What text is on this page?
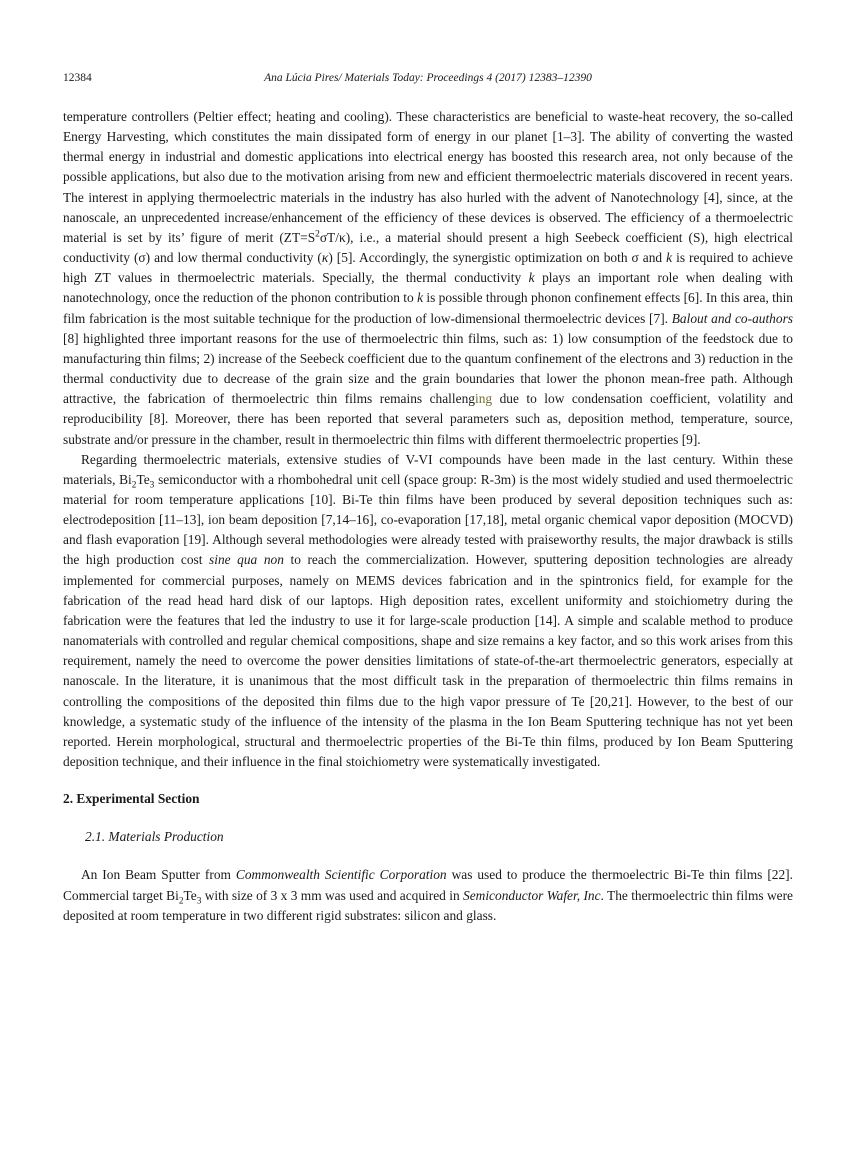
12384	Ana Lúcia Pires/ Materials Today: Proceedings 4 (2017) 12383–12390

temperature controllers (Peltier effect; heating and cooling). These characteristics are beneficial to waste-heat recovery, the so-called Energy Harvesting, which constitutes the main dissipated form of energy in our planet [1–3]. The ability of converting the wasted thermal energy in industrial and domestic applications into electrical energy has boosted this research area, not only because of the possible applications, but also due to the motivation arising from new and efficient thermoelectric materials discovered in recent years. The interest in applying thermoelectric materials in the industry has also hurled with the advent of Nanotechnology [4], since, at the nanoscale, an unprecedented increase/enhancement of the efficiency of these devices is observed. The efficiency of a thermoelectric material is set by its’ figure of merit $(ZT=S^2\sigma T/\kappa)$, i.e., a material should present a high Seebeck coefficient (S), high electrical conductivity (σ) and low thermal conductivity (κ) [5]. Accordingly, the synergistic optimization on both σ and k is required to achieve high ZT values in thermoelectric materials. Specially, the thermal conductivity k plays an important role when dealing with nanotechnology, once the reduction of the phonon contribution to k is possible through phonon confinement effects [6]. In this area, thin film fabrication is the most suitable technique for the production of low-dimensional thermoelectric devices [7]. Balout and co-authors [8] highlighted three important reasons for the use of thermoelectric thin films, such as: 1) low consumption of the feedstock due to manufacturing thin films; 2) increase of the Seebeck coefficient due to the quantum confinement of the electrons and 3) reduction in the thermal conductivity due to decrease of the grain size and the grain boundaries that lower the phonon mean-free path. Although attractive, the fabrication of thermoelectric thin films remains challenging due to low condensation coefficient, volatility and reproducibility [8]. Moreover, there has been reported that several parameters such as, deposition method, temperature, source, substrate and/or pressure in the chamber, result in thermoelectric thin films with different thermoelectric properties [9].

Regarding thermoelectric materials, extensive studies of V-VI compounds have been made in the last century. Within these materials, $Bi_2Te_3$ semiconductor with a rhombohedral unit cell (space group: R-3m) is the most widely studied and used thermoelectric material for room temperature applications [10]. Bi-Te thin films have been produced by several deposition techniques such as: electrodeposition [11–13], ion beam deposition [7,14–16], co-evaporation [17,18], metal organic chemical vapor deposition (MOCVD) and flash evaporation [19]. Although several methodologies were already tested with praiseworthy results, the major drawback is stills the high production cost sine qua non to reach the commercialization. However, sputtering deposition technologies are already implemented for commercial purposes, namely on MEMS devices fabrication and in the spintronics field, for example for the fabrication of the read head hard disk of our laptops. High deposition rates, excellent uniformity and stoichiometry during the fabrication were the features that led the industry to use it for large-scale production [14]. A simple and scalable method to produce nanomaterials with controlled and regular chemical compositions, shape and size remains a key factor, and so this work arises from this requirement, namely the need to overcome the power densities limitations of state-of-the-art thermoelectric generators, especially at nanoscale. In the literature, it is unanimous that the most difficult task in the preparation of thermoelectric thin films remains in controlling the compositions of the deposited thin films due to the high vapor pressure of Te [20,21]. However, to the best of our knowledge, a systematic study of the influence of the intensity of the plasma in the Ion Beam Sputtering technique has not yet been reported. Herein morphological, structural and thermoelectric properties of the Bi-Te thin films, produced by Ion Beam Sputtering deposition technique, and their influence in the final stoichiometry were systematically investigated.

2. Experimental Section

2.1. Materials Production

An Ion Beam Sputter from Commonwealth Scientific Corporation was used to produce the thermoelectric Bi-Te thin films [22]. Commercial target $Bi_2Te_3$ with size of 3 x 3 mm was used and acquired in Semiconductor Wafer, Inc. The thermoelectric thin films were deposited at room temperature in two different rigid substrates: silicon and glass.
